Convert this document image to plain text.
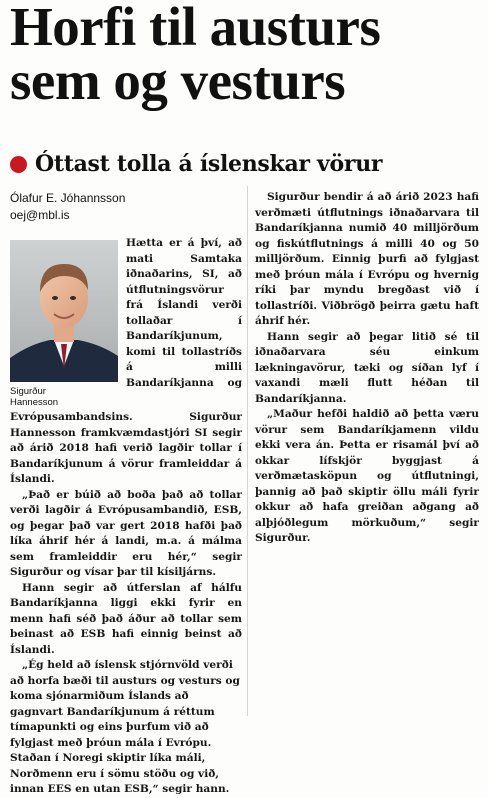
Horfi til austurs
sem og vesturs
Óttast tolla á íslenskar vörur
Ólafur E. Jóhannsson
oej@mbl.is

Sigurður
Hannesson
Hætta er á því, að mati Samtaka iðnaðarins, SI, að útflutningsvörur frá Íslandi verði tollaðar í Bandaríkjunum, komi til tollastríðs á milli Bandaríkjanna og Evrópusambandsins. Sigurður Hannesson framkvæmdastjóri SI segir að árið 2018 hafi verið lagðir tollar í Bandaríkjunum á vörur framleiddar á Íslandi.

„Það er búið að boða það að tollar verði lagðir á Evrópusambandið, ESB, og þegar það var gert 2018 hafði það líka áhrif hér á landi, m.a. á málma sem framleiddir eru hér,“ segir Sigurður og vísar þar til kísiljárns.

Hann segir að útferslan af hálfu Bandaríkjanna liggi ekki fyrir en menn hafi séð það áður að tollar sem beinast að ESB hafi einnig beinst að Íslandi.

„Ég held að íslensk stjórnvöld verði að horfa bæði til austurs og vesturs og koma sjónarmiðum Íslands að gagnvart Bandaríkjunum á réttum tímapunkti og eins þurfum við að fylgjast með þróun mála í Evrópu. Staðan í Noregi skiptir líka máli, Norðmenn eru í sömu stöðu og við, innan EES en utan ESB,“ segir hann.

Sigurður bendir á að árið 2023 hafi verðmæti útflutnings iðnaðarvara til Bandaríkjanna numið 40 milljörðum og fiskútflutnings á milli 40 og 50 milljörðum. Einnig þurfi að fylgjast með þróun mála í Evrópu og hvernig ríki þar myndu bregðast við í tollastríði. Viðbrögð þeirra gætu haft áhrif hér.

Hann segir að þegar litið sé til iðnaðarvara séu einkum lækningavörur, tæki og síðan lyf í vaxandi mæli flutt héðan til Bandaríkjanna.

„Maður hefði haldið að þetta væru vörur sem Bandaríkjamenn vildu ekki vera án. Þetta er risamál því að okkar lífskjör byggjast á verðmætasköpun og útflutningi, þannig að það skiptir öllu máli fyrir okkur að hafa greiðan aðgang að alþjóðlegum mörkuðum,“ segir Sigurður.
